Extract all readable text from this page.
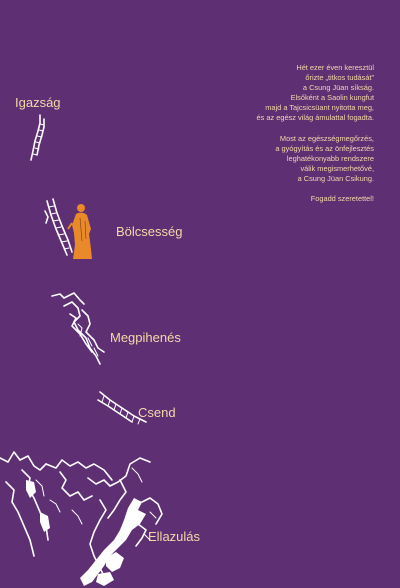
Igazság
Bölcsesség
Megpihenés
Csend
Ellazulás

Hét ezer éven keresztül
őrizte „titkos tudását”
a Csung Jüan síkság.
Elsőként a Saolin kungfut
majd a Tajcsicsüant nyitotta meg,
és az egész világ ámulattal fogadta.

Most az egészségmegőrzés,
a gyógyítás és az önfejlesztés
leghatékonyabb rendszere
válik megismerhetővé,
a Csung Jüan Csikung.

Fogadd szeretettel!
